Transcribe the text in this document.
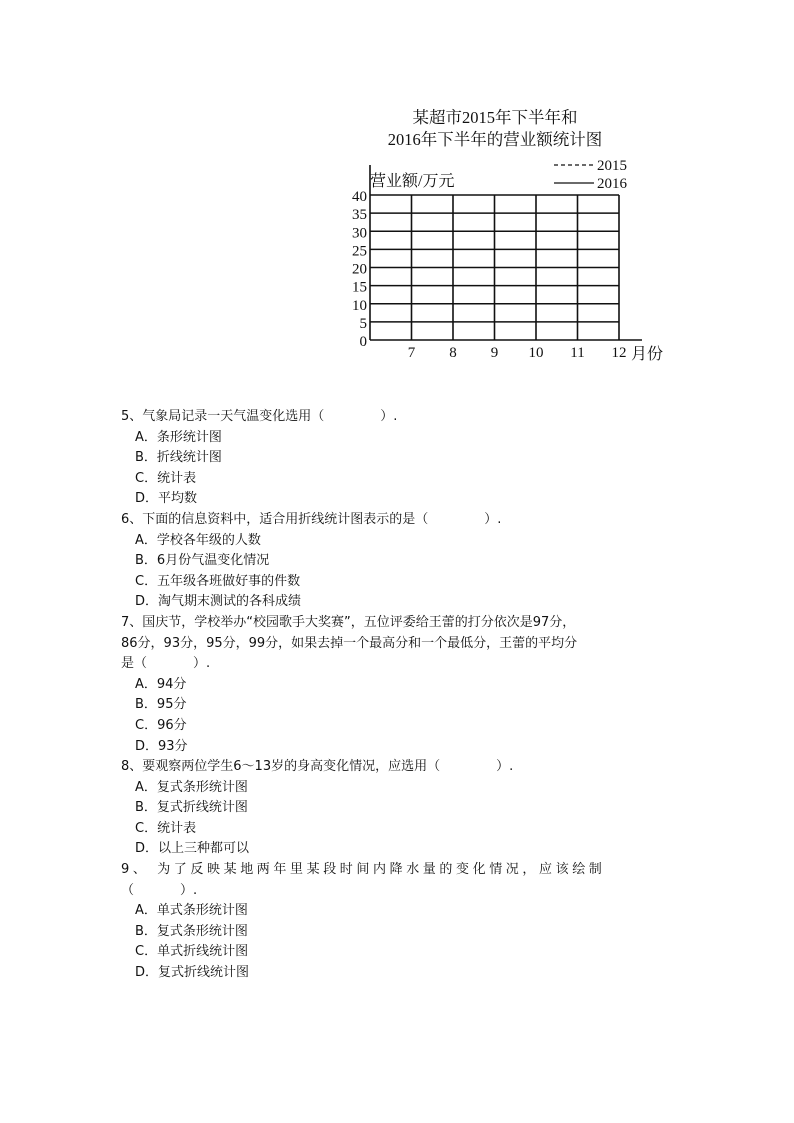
某超市2015年下半年和
2016年下半年的营业额统计图
营业额/万元
月份
2015
2016
0
5
10
15
20
25
30
35
40
7 8 9 10 11 12
5、气象局记录一天气温变化选用（	）.
A．条形统计图
B．折线统计图
C．统计表
D．平均数
6、下面的信息资料中，适合用折线统计图表示的是（	）.
A．学校各年级的人数
B．6月份气温变化情况
C．五年级各班做好事的件数
D．淘气期末测试的各科成绩
7、国庆节，学校举办“校园歌手大奖赛”，五位评委给王蕾的打分依次是97分，
86分，93分，95分，99分，如果去掉一个最高分和一个最低分，王蕾的平均分
是（	）.
A．94分
B．95分
C．96分
D．93分
8、要观察两位学生6～13岁的身高变化情况，应选用（	）.
A．复式条形统计图
B．复式折线统计图
C．统计表
D．以上三种都可以
9、 为了反映某地两年里某段时间内降水量的变化情况，应该绘制
（	）.
A．单式条形统计图
B．复式条形统计图
C．单式折线统计图
D．复式折线统计图
